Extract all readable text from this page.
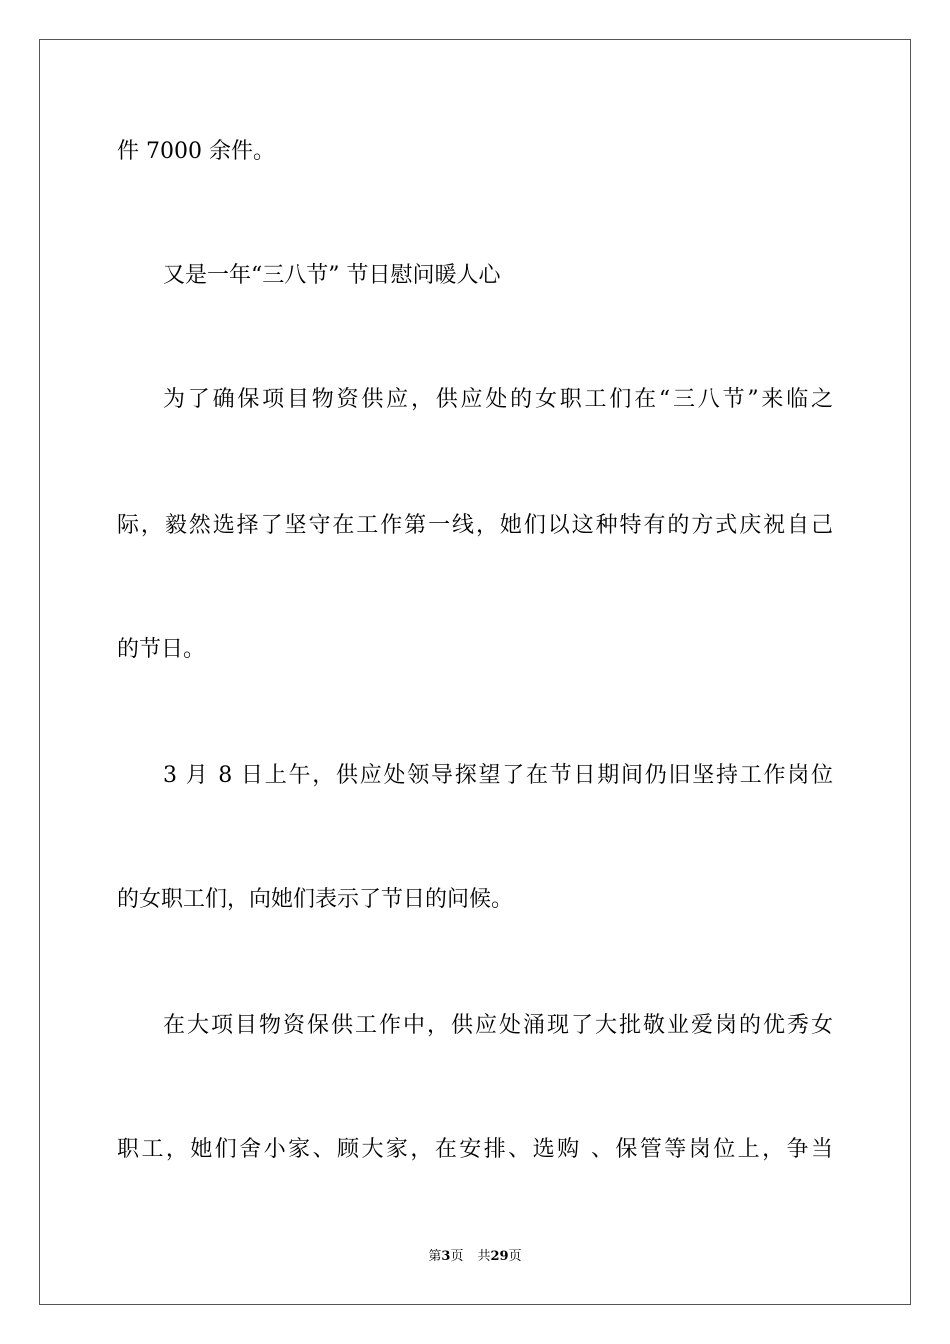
件 7000 余件。
又是一年“三八节” 节日慰问暖人心
为了确保项目物资供应，供应处的女职工们在“三八节”来临之
际，毅然选择了坚守在工作第一线，她们以这种特有的方式庆祝自己
的节日。
3 月 8 日上午，供应处领导探望了在节日期间仍旧坚持工作岗位
的女职工们，向她们表示了节日的问候。
在大项目物资保供工作中，供应处涌现了大批敬业爱岗的优秀女
职工，她们舍小家、顾大家，在安排、选购 、保管等岗位上，争当
第3页 共29页
